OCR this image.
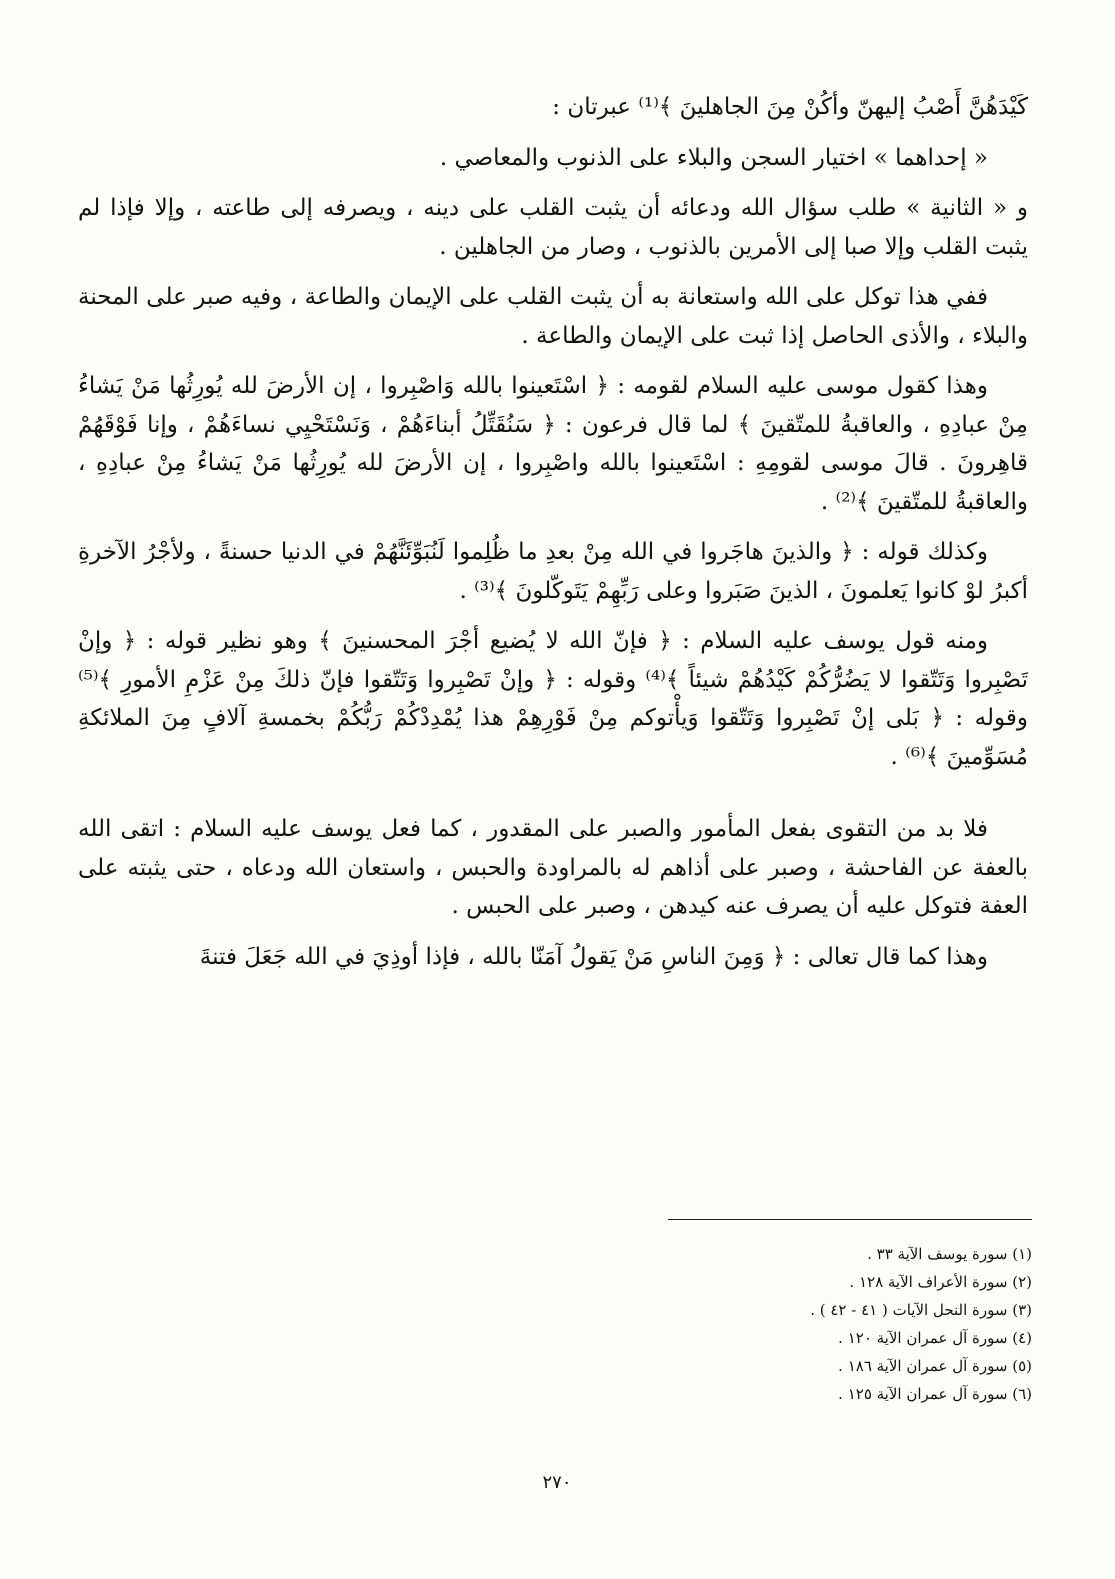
كَيْدَهُنَّ أَصْبُ إليهنّ وأكُنْ مِنَ الجاهلينَ ﴾⁽¹⁾ عبرتان :

« إحداهما » اختيار السجن والبلاء على الذنوب والمعاصي .

و « الثانية » طلب سؤال الله ودعائه أن يثبت القلب على دينه ، ويصرفه إلى طاعته ، وإلا فإذا لم يثبت القلب وإلا صبا إلى الأمرين بالذنوب ، وصار من الجاهلين .

ففي هذا توكل على الله واستعانة به أن يثبت القلب على الإيمان والطاعة ، وفيه صبر على المحنة والبلاء ، والأذى الحاصل إذا ثبت على الإيمان والطاعة .

وهذا كقول موسى عليه السلام لقومه : ﴿ اسْتَعينوا بالله وَاصْبِروا ، إن الأرضَ لله يُورِثُها مَنْ يَشاءُ مِنْ عبادِهِ ، والعاقبةُ للمتّقينَ ﴾ لما قال فرعون : ﴿ سَنُقَتِّلُ أبناءَهُمْ ، وَنَسْتَحْيِي نساءَهُمْ ، وإنا فَوْقَهُمْ قاهِرونَ . قالَ موسى لقومِهِ : اسْتَعينوا بالله واصْبِروا ، إن الأرضَ لله يُورِثُها مَنْ يَشاءُ مِنْ عبادِهِ ، والعاقبةُ للمتّقينَ ﴾⁽²⁾ .

وكذلك قوله : ﴿ والذينَ هاجَروا في الله مِنْ بعدِ ما ظُلِموا لَنُبَوِّئَنَّهُمْ في الدنيا حسنةً ، ولأجْرُ الآخرةِ أكبرُ لوْ كانوا يَعلمونَ ، الذينَ صَبَروا وعلى رَبِّهِمْ يَتَوكّلونَ ﴾⁽³⁾ .

ومنه قول يوسف عليه السلام : ﴿ فإنّ الله لا يُضيع أجْرَ المحسنينَ ﴾ وهو نظير قوله : ﴿ وإنْ تَصْبِروا وَتَتّقوا لا يَضُرُّكُمْ كَيْدُهُمْ شيئاً ﴾⁽⁴⁾ وقوله : ﴿ وإنْ تَصْبِروا وَتَتّقوا فإنّ ذلكَ مِنْ عَزْمِ الأمورِ ﴾⁽⁵⁾ وقوله : ﴿ بَلى إنْ تَصْبِروا وَتَتّقوا وَيأْتوكم مِنْ فَوْرِهِمْ هذا يُمْدِدْكُمْ رَبُّكُمْ بخمسةِ آلافٍ مِنَ الملائكةِ مُسَوِّمينَ ﴾⁽⁶⁾ .

فلا بد من التقوى بفعل المأمور والصبر على المقدور ، كما فعل يوسف عليه السلام : اتقى الله بالعفة عن الفاحشة ، وصبر على أذاهم له بالمراودة والحبس ، واستعان الله ودعاه ، حتى يثبته على العفة فتوكل عليه أن يصرف عنه كيدهن ، وصبر على الحبس .

وهذا كما قال تعالى : ﴿ وَمِنَ الناسِ مَنْ يَقولُ آمَنّا بالله ، فإذا أوذِيَ في الله جَعَلَ فتنةَ

(١) سورة يوسف الآية ٣٣ .
(٢) سورة الأعراف الآية ١٢٨ .
(٣) سورة النحل الآيات ( ٤١ - ٤٢ ) .
(٤) سورة آل عمران الآية ١٢٠ .
(٥) سورة آل عمران الآية ١٨٦ .
(٦) سورة آل عمران الآية ١٢٥ .
٢٧٠
